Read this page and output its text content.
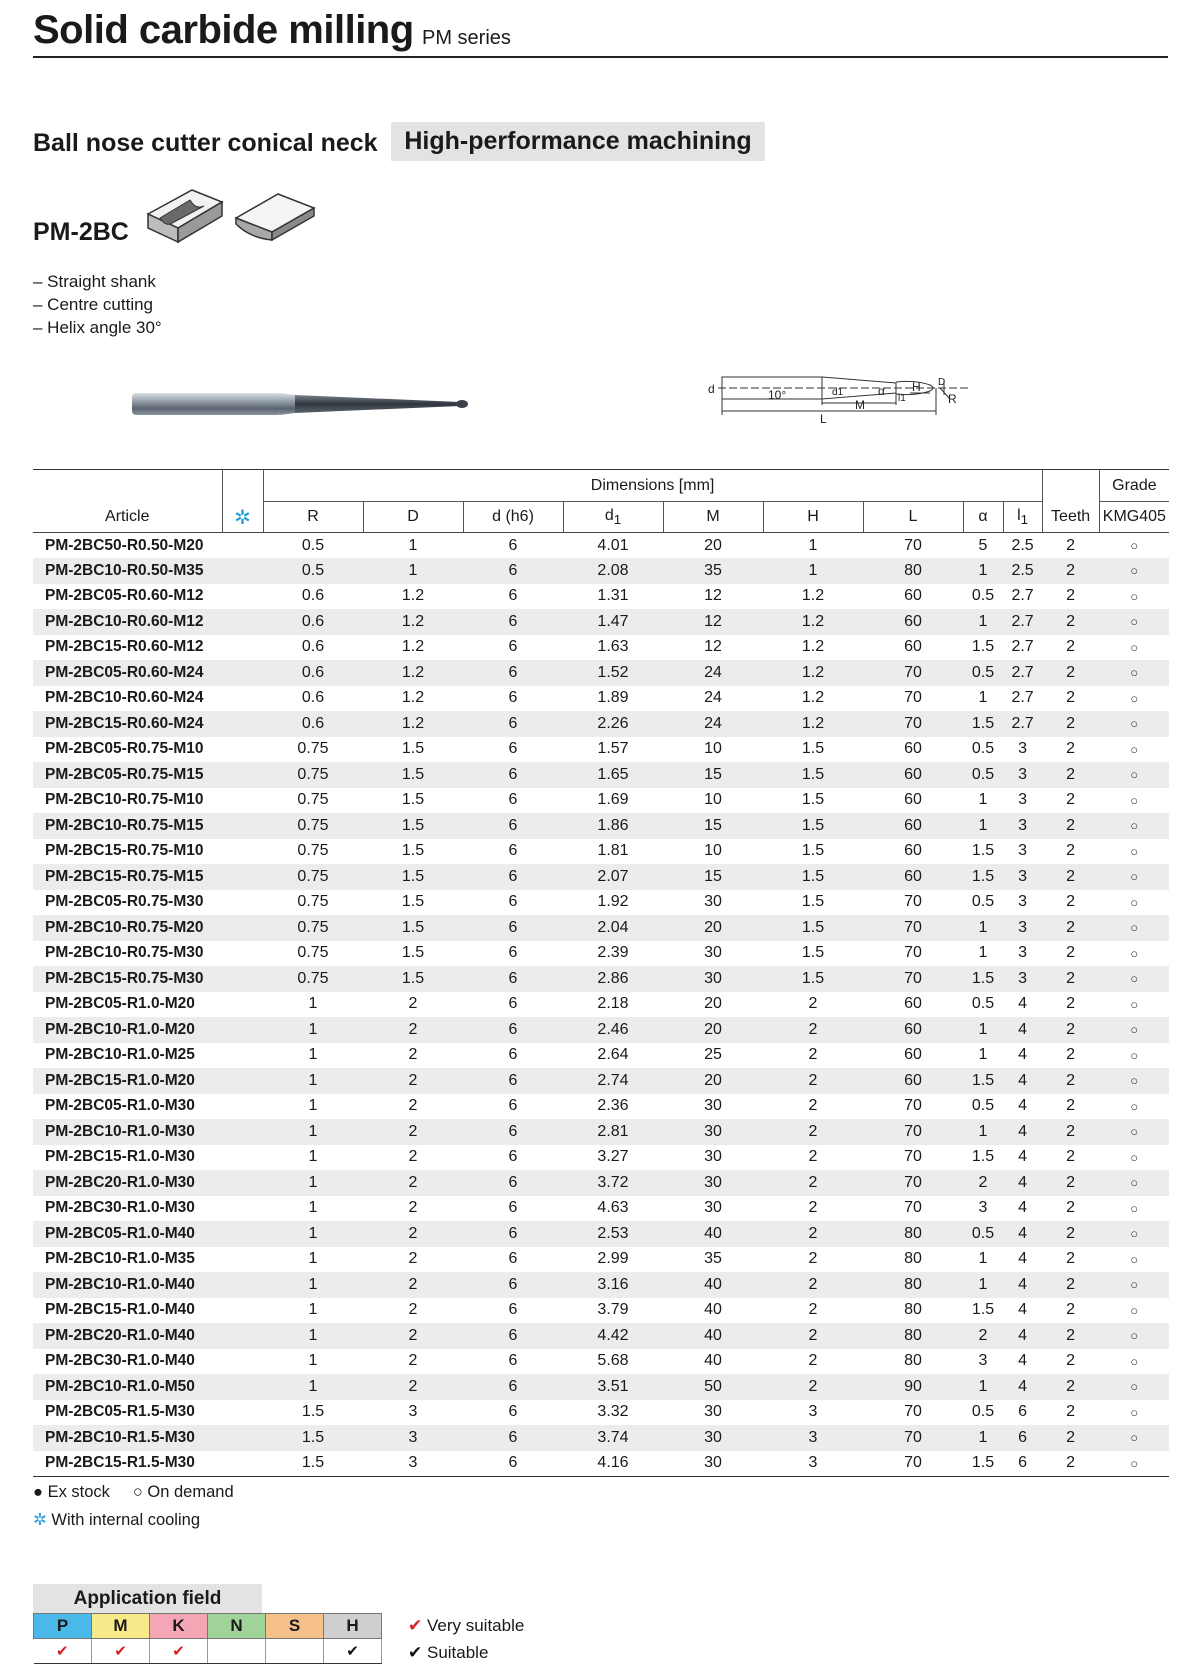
Solid carbide milling PM series
Ball nose cutter conical neck	High-performance machining
PM-2BC
– Straight shank
– Centre cutting
– Helix angle 30°
d	10°	d1	α
l1
H D
R
M
L
Article	✲	Dimensions [mm]										Grade
		R	D	d (h6)	$d_1$	M	H	L	α	$l_1$	Teeth	KMG405
PM-2BC50-R0.50-M20		0.5	1	6	4.01	20	1	70	5	2.5	2	○
PM-2BC10-R0.50-M35		0.5	1	6	2.08	35	1	80	1	2.5	2	○
PM-2BC05-R0.60-M12		0.6	1.2	6	1.31	12	1.2	60	0.5	2.7	2	○
PM-2BC10-R0.60-M12		0.6	1.2	6	1.47	12	1.2	60	1	2.7	2	○
PM-2BC15-R0.60-M12		0.6	1.2	6	1.63	12	1.2	60	1.5	2.7	2	○
PM-2BC05-R0.60-M24		0.6	1.2	6	1.52	24	1.2	70	0.5	2.7	2	○
PM-2BC10-R0.60-M24		0.6	1.2	6	1.89	24	1.2	70	1	2.7	2	○
PM-2BC15-R0.60-M24		0.6	1.2	6	2.26	24	1.2	70	1.5	2.7	2	○
PM-2BC05-R0.75-M10		0.75	1.5	6	1.57	10	1.5	60	0.5	3	2	○
PM-2BC05-R0.75-M15		0.75	1.5	6	1.65	15	1.5	60	0.5	3	2	○
PM-2BC10-R0.75-M10		0.75	1.5	6	1.69	10	1.5	60	1	3	2	○
PM-2BC10-R0.75-M15		0.75	1.5	6	1.86	15	1.5	60	1	3	2	○
PM-2BC15-R0.75-M10		0.75	1.5	6	1.81	10	1.5	60	1.5	3	2	○
PM-2BC15-R0.75-M15		0.75	1.5	6	2.07	15	1.5	60	1.5	3	2	○
PM-2BC05-R0.75-M30		0.75	1.5	6	1.92	30	1.5	70	0.5	3	2	○
PM-2BC10-R0.75-M20		0.75	1.5	6	2.04	20	1.5	70	1	3	2	○
PM-2BC10-R0.75-M30		0.75	1.5	6	2.39	30	1.5	70	1	3	2	○
PM-2BC15-R0.75-M30		0.75	1.5	6	2.86	30	1.5	70	1.5	3	2	○
PM-2BC05-R1.0-M20		1	2	6	2.18	20	2	60	0.5	4	2	○
PM-2BC10-R1.0-M20		1	2	6	2.46	20	2	60	1	4	2	○
PM-2BC10-R1.0-M25		1	2	6	2.64	25	2	60	1	4	2	○
PM-2BC15-R1.0-M20		1	2	6	2.74	20	2	60	1.5	4	2	○
PM-2BC05-R1.0-M30		1	2	6	2.36	30	2	70	0.5	4	2	○
PM-2BC10-R1.0-M30		1	2	6	2.81	30	2	70	1	4	2	○
PM-2BC15-R1.0-M30		1	2	6	3.27	30	2	70	1.5	4	2	○
PM-2BC20-R1.0-M30		1	2	6	3.72	30	2	70	2	4	2	○
PM-2BC30-R1.0-M30		1	2	6	4.63	30	2	70	3	4	2	○
PM-2BC05-R1.0-M40		1	2	6	2.53	40	2	80	0.5	4	2	○
PM-2BC10-R1.0-M35		1	2	6	2.99	35	2	80	1	4	2	○
PM-2BC10-R1.0-M40		1	2	6	3.16	40	2	80	1	4	2	○
PM-2BC15-R1.0-M40		1	2	6	3.79	40	2	80	1.5	4	2	○
PM-2BC20-R1.0-M40		1	2	6	4.42	40	2	80	2	4	2	○
PM-2BC30-R1.0-M40		1	2	6	5.68	40	2	80	3	4	2	○
PM-2BC10-R1.0-M50		1	2	6	3.51	50	2	90	1	4	2	○
PM-2BC05-R1.5-M30		1.5	3	6	3.32	30	3	70	0.5	6	2	○
PM-2BC10-R1.5-M30		1.5	3	6	3.74	30	3	70	1	6	2	○
PM-2BC15-R1.5-M30		1.5	3	6	4.16	30	3	70	1.5	6	2	○
● Ex stock ○ On demand
✲ With internal cooling
Application field
P	M	K	N	S	H
✔	✔	✔			✔
✔ Very suitable
✔ Suitable
